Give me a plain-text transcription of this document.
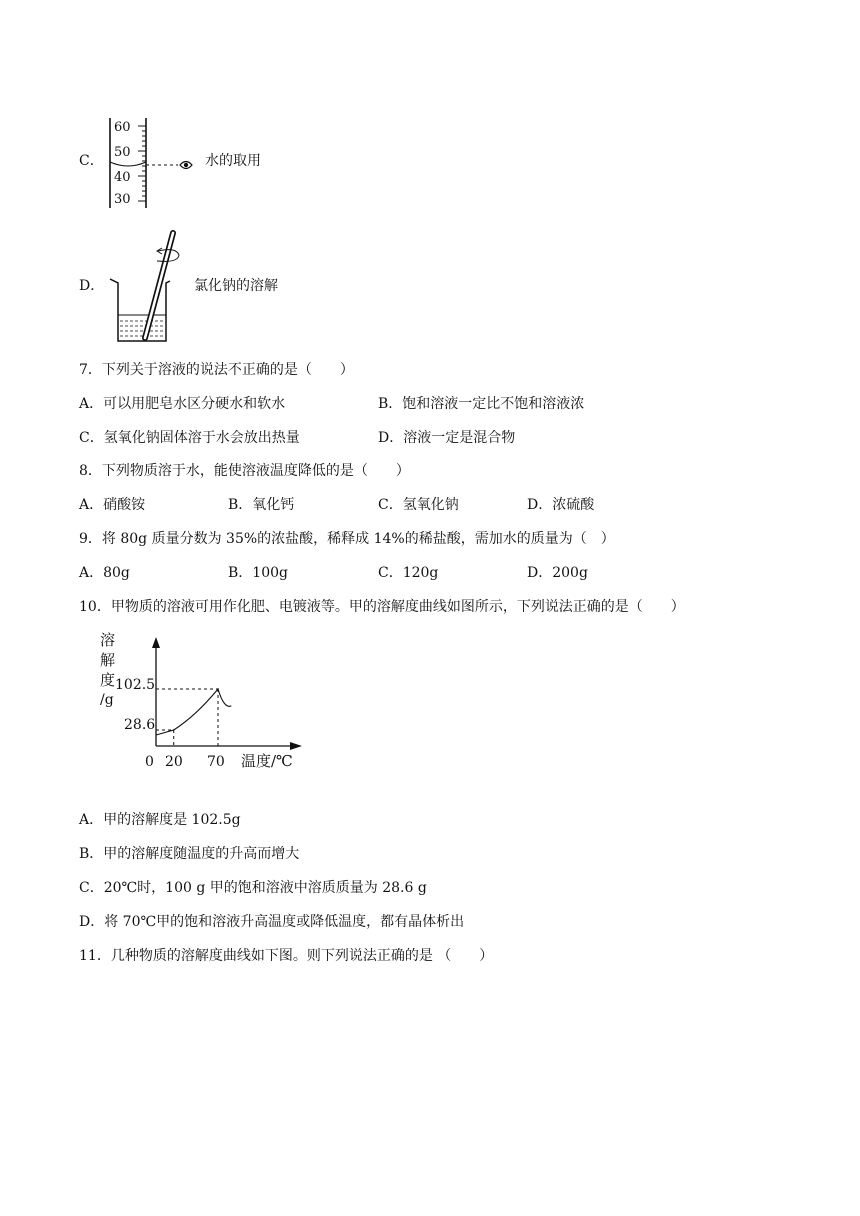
C．
60
50
40
30
水的取用
D．	氯化钠的溶解
7．下列关于溶液的说法不正确的是（　　）
A．可以用肥皂水区分硬水和软水	B．饱和溶液一定比不饱和溶液浓
C．氢氧化钠固体溶于水会放出热量	D．溶液一定是混合物
8．下列物质溶于水，能使溶液温度降低的是（　　）
A．硝酸铵	B．氧化钙	C．氢氧化钠	D．浓硫酸
9．将 80g 质量分数为 35%的浓盐酸，稀释成 14%的稀盐酸，需加水的质量为（　）
A．80g	B．100g	C．120g	D．200g
10．甲物质的溶液可用作化肥、电镀液等。甲的溶解度曲线如图所示，下列说法正确的是（　　）
溶
解
度
/g
102.5
28.6
0 20 70 温度/℃
A．甲的溶解度是 102.5g
B．甲的溶解度随温度的升高而增大
C．20℃时，100 g 甲的饱和溶液中溶质质量为 28.6 g
D．将 70℃甲的饱和溶液升高温度或降低温度，都有晶体析出
11．几种物质的溶解度曲线如下图。则下列说法正确的是 （　　）
